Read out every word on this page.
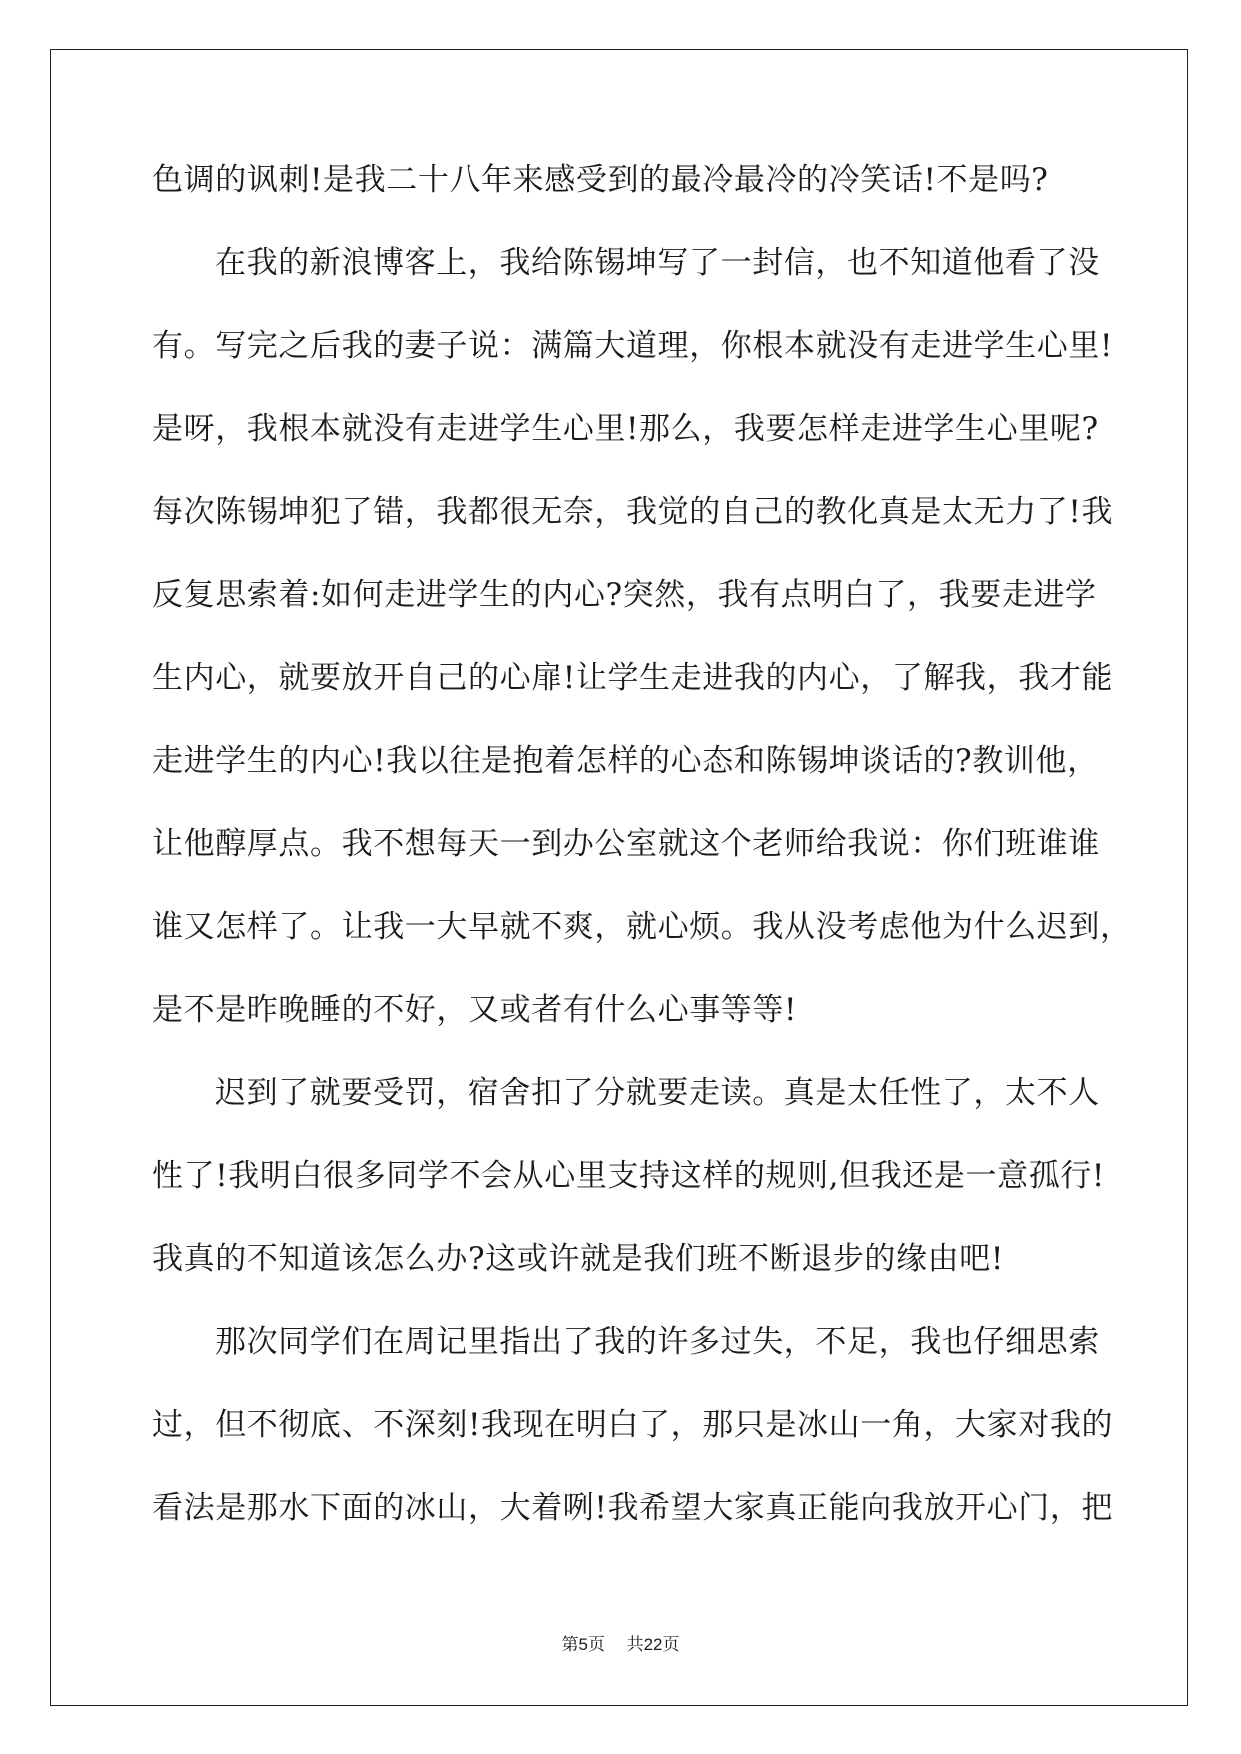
色调的讽刺!是我二十八年来感受到的最冷最冷的冷笑话!不是吗?
在我的新浪博客上，我给陈锡坤写了一封信，也不知道他看了没
有。写完之后我的妻子说：满篇大道理，你根本就没有走进学生心里!
是呀，我根本就没有走进学生心里!那么，我要怎样走进学生心里呢?
每次陈锡坤犯了错，我都很无奈，我觉的自己的教化真是太无力了!我
反复思索着:如何走进学生的内心?突然，我有点明白了，我要走进学
生内心，就要放开自己的心扉!让学生走进我的内心，了解我，我才能
走进学生的内心!我以往是抱着怎样的心态和陈锡坤谈话的?教训他，
让他醇厚点。我不想每天一到办公室就这个老师给我说：你们班谁谁
谁又怎样了。让我一大早就不爽，就心烦。我从没考虑他为什么迟到，
是不是昨晚睡的不好，又或者有什么心事等等!
迟到了就要受罚，宿舍扣了分就要走读。真是太任性了，太不人
性了!我明白很多同学不会从心里支持这样的规则,但我还是一意孤行!
我真的不知道该怎么办?这或许就是我们班不断退步的缘由吧!
那次同学们在周记里指出了我的许多过失，不足，我也仔细思索
过，但不彻底、不深刻!我现在明白了，那只是冰山一角，大家对我的
看法是那水下面的冰山，大着咧!我希望大家真正能向我放开心门，把
第5页 共22页
